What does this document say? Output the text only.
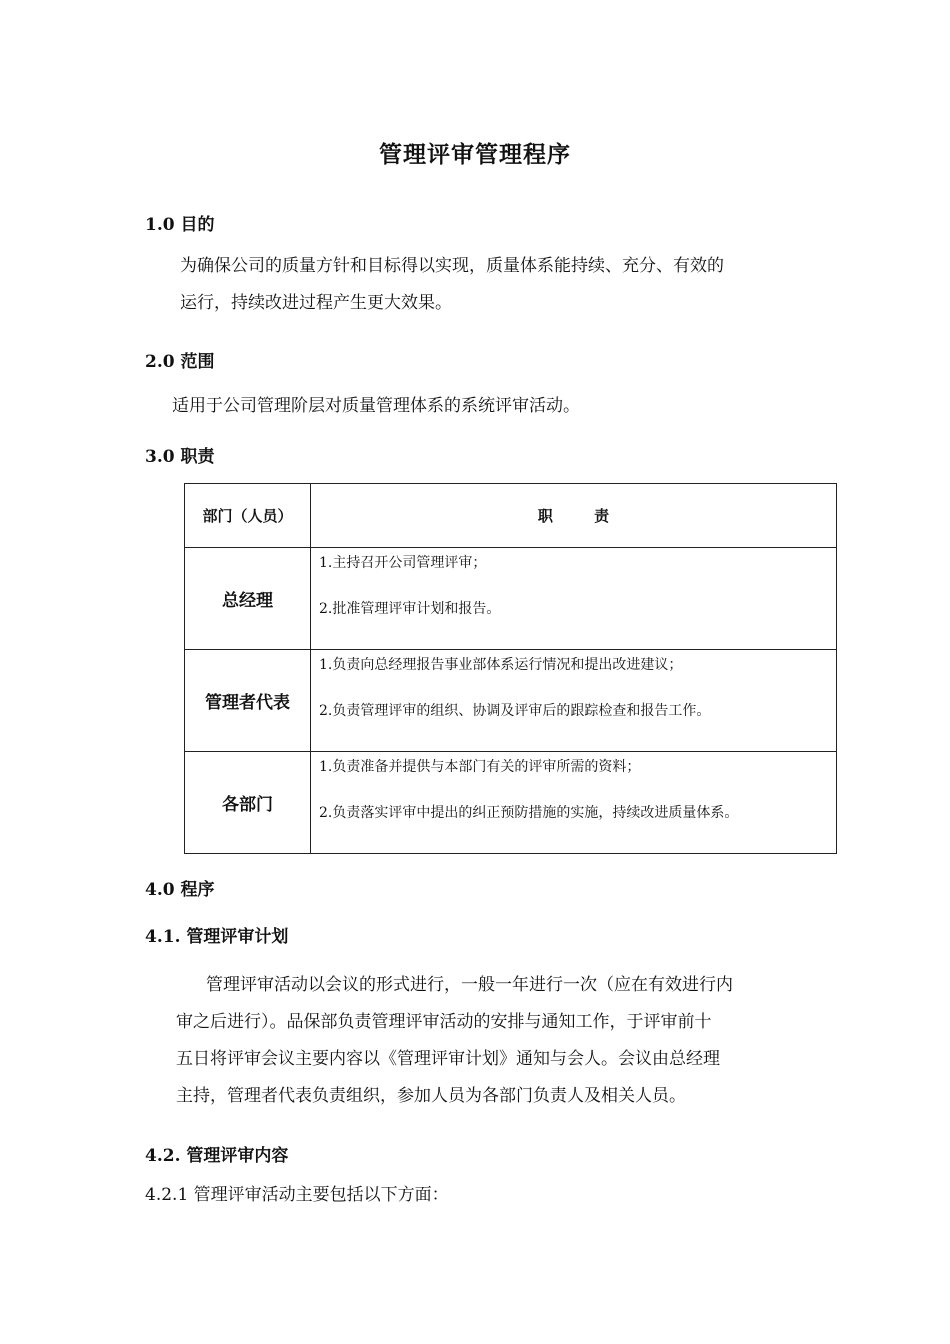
管理评审管理程序
1.0 目的
为确保公司的质量方针和目标得以实现，质量体系能持续、充分、有效的
运行，持续改进过程产生更大效果。
2.0 范围
适用于公司管理阶层对质量管理体系的系统评审活动。
3.0 职责
部门（人员）	职 责
总经理	1.主持召开公司管理评审；
2.批准管理评审计划和报告。

管理者代表	1.负责向总经理报告事业部体系运行情况和提出改进建议；
2.负责管理评审的组织、协调及评审后的跟踪检查和报告工作。

各部门	1.负责准备并提供与本部门有关的评审所需的资料；
2.负责落实评审中提出的纠正预防措施的实施，持续改进质量体系。
4.0 程序
4.1. 管理评审计划
管理评审活动以会议的形式进行，一般一年进行一次（应在有效进行内
审之后进行）。品保部负责管理评审活动的安排与通知工作，于评审前十
五日将评审会议主要内容以《管理评审计划》通知与会人。会议由总经理
主持，管理者代表负责组织，参加人员为各部门负责人及相关人员。
4.2. 管理评审内容
4.2.1 管理评审活动主要包括以下方面：
